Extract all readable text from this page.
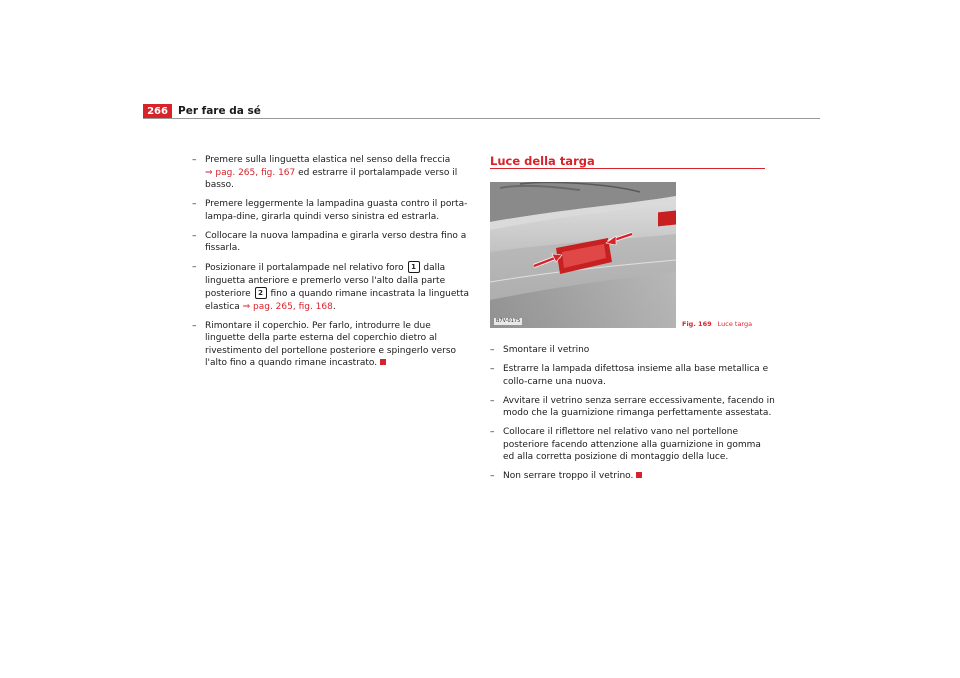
266 Per fare da sé
– Premere sulla linguetta elastica nel senso della freccia
⇒ pag. 265, fig. 167 ed estrarre il portalampade verso il basso.
– Premere leggermente la lampadina guasta contro il porta-lampa-dine, girarla quindi verso sinistra ed estrarla.
– Collocare la nuova lampadina e girarla verso destra fino a fissarla.
– Posizionare il portalampade nel relativo foro 1 dalla linguetta anteriore e premerlo verso l'alto dalla parte posteriore 2 fino a quando rimane incastrata la linguetta elastica ⇒ pag. 265, fig. 168.
– Rimontare il coperchio. Per farlo, introdurre le due linguette della parte esterna del coperchio dietro al rivestimento del portellone posteriore e spingerlo verso l'alto fino a quando rimane incastrato.
Luce della targa
B7V-0175	Fig. 169 Luce targa
– Smontare il vetrino
– Estrarre la lampada difettosa insieme alla base metallica e collo-carne una nuova.
– Avvitare il vetrino senza serrare eccessivamente, facendo in modo che la guarnizione rimanga perfettamente assestata.
– Collocare il riflettore nel relativo vano nel portellone posteriore facendo attenzione alla guarnizione in gomma ed alla corretta posizione di montaggio della luce.
– Non serrare troppo il vetrino.
